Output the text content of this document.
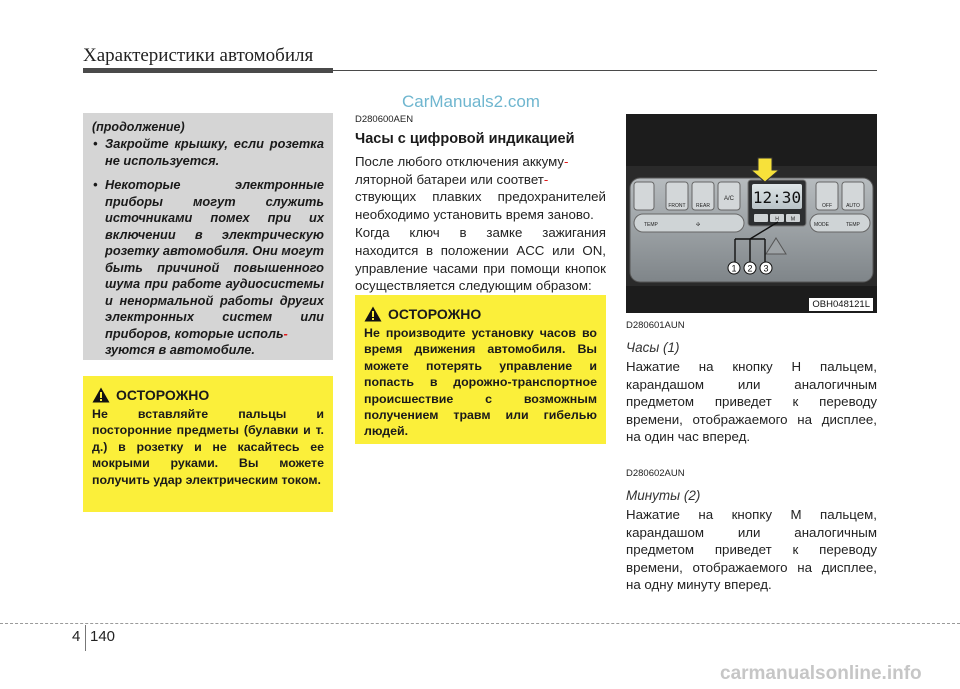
Характеристики автомобиля
CarManuals2.com
(продолжение)
• Закройте крышку, если розетка не используется.
• Некоторые электронные приборы могут служить источниками помех при их включении в электрическую розетку автомобиля. Они могут быть причиной повышенного шума при работе аудиосистемы и ненормальной работы других электронных систем или приборов, которые исполь-
зуются в автомобиле.
ОСТОРОЖНО
Не вставляйте пальцы и посторонние предметы (булавки и т. д.) в розетку и не касайтесь ее мокрыми руками. Вы можете получить удар электрическим током.
D280600AEN
Часы с цифровой индикацией
После любого отключения аккуму-
ляторной батареи или соответ-
ствующих плавких предохранителей необходимо установить время заново.
Когда ключ в замке зажигания находится в положении ACC или ON, управление часами при помощи кнопок осуществляется следующим образом:
ОСТОРОЖНО
Не производите установку часов во время движения автомобиля. Вы можете потерять управление и попасть в дорожно-транспортное происшествие с возможным получением травм или гибелью людей.
FRONT REAR
A/C
OFF	AUTO
12:30
H M
TEMP	✣	MODE	TEMP
1 2 3
OBH048121L
D280601AUN
Часы (1)
Нажатие на кнопку H пальцем, карандашом или аналогичным предметом приведет к переводу времени, отображаемого на дисплее, на один час вперед.
D280602AUN
Минуты (2)
Нажатие на кнопку M пальцем, карандашом или аналогичным предметом приведет к переводу времени, отображаемого на дисплее, на одну минуту вперед.
4 140
carmanualsonline.info
